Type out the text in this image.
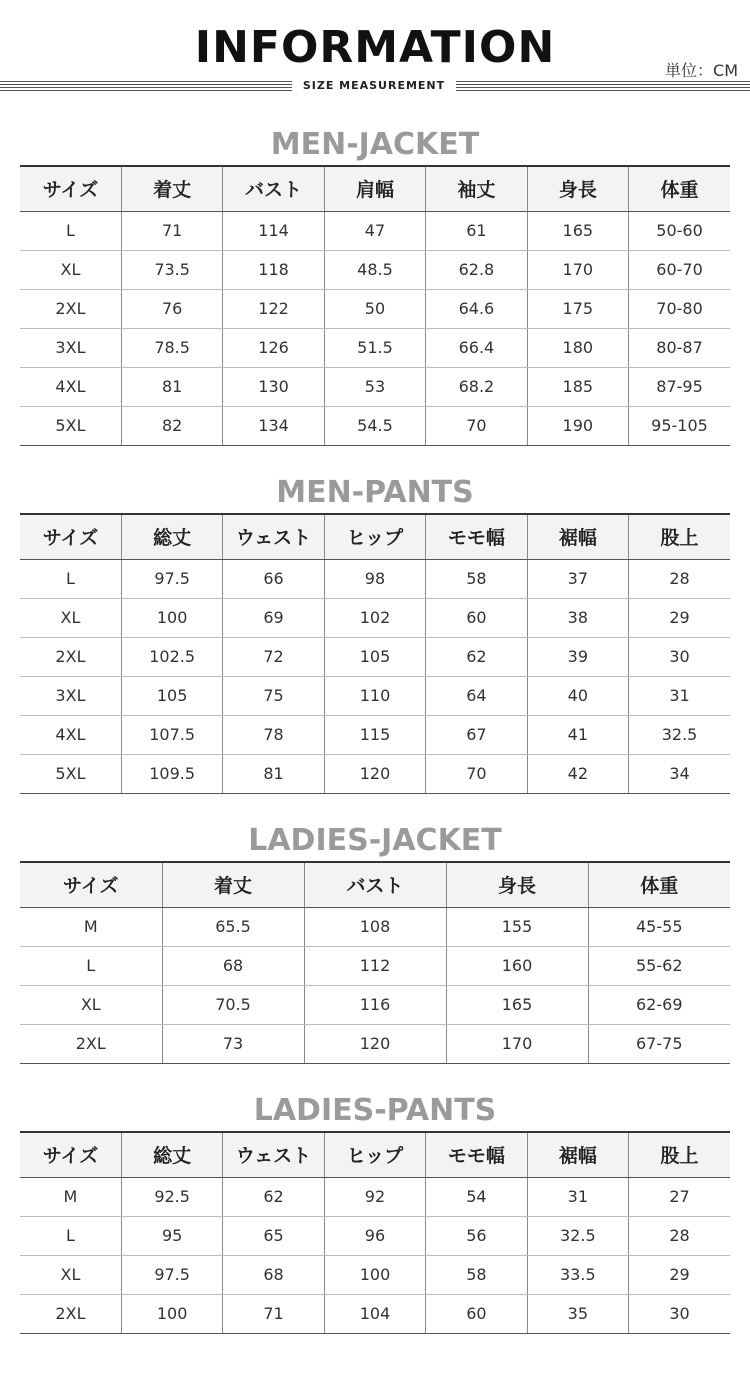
INFORMATION	単位：CM
SIZE MEASUREMENT
MEN-JACKET
サイズ	着丈	バスト	肩幅	袖丈	身長	体重
L	71	114	47	61	165	50-60
XL	73.5	118	48.5	62.8	170	60-70
2XL	76	122	50	64.6	175	70-80
3XL	78.5	126	51.5	66.4	180	80-87
4XL	81	130	53	68.2	185	87-95
5XL	82	134	54.5	70	190	95-105
MEN-PANTS
サイズ	総丈	ウェスト	ヒップ	モモ幅	裾幅	股上
L	97.5	66	98	58	37	28
XL	100	69	102	60	38	29
2XL	102.5	72	105	62	39	30
3XL	105	75	110	64	40	31
4XL	107.5	78	115	67	41	32.5
5XL	109.5	81	120	70	42	34
LADIES-JACKET
サイズ	着丈	バスト	身長	体重
M	65.5	108	155	45-55
L	68	112	160	55-62
XL	70.5	116	165	62-69
2XL	73	120	170	67-75
LADIES-PANTS
サイズ	総丈	ウェスト	ヒップ	モモ幅	裾幅	股上
M	92.5	62	92	54	31	27
L	95	65	96	56	32.5	28
XL	97.5	68	100	58	33.5	29
2XL	100	71	104	60	35	30
